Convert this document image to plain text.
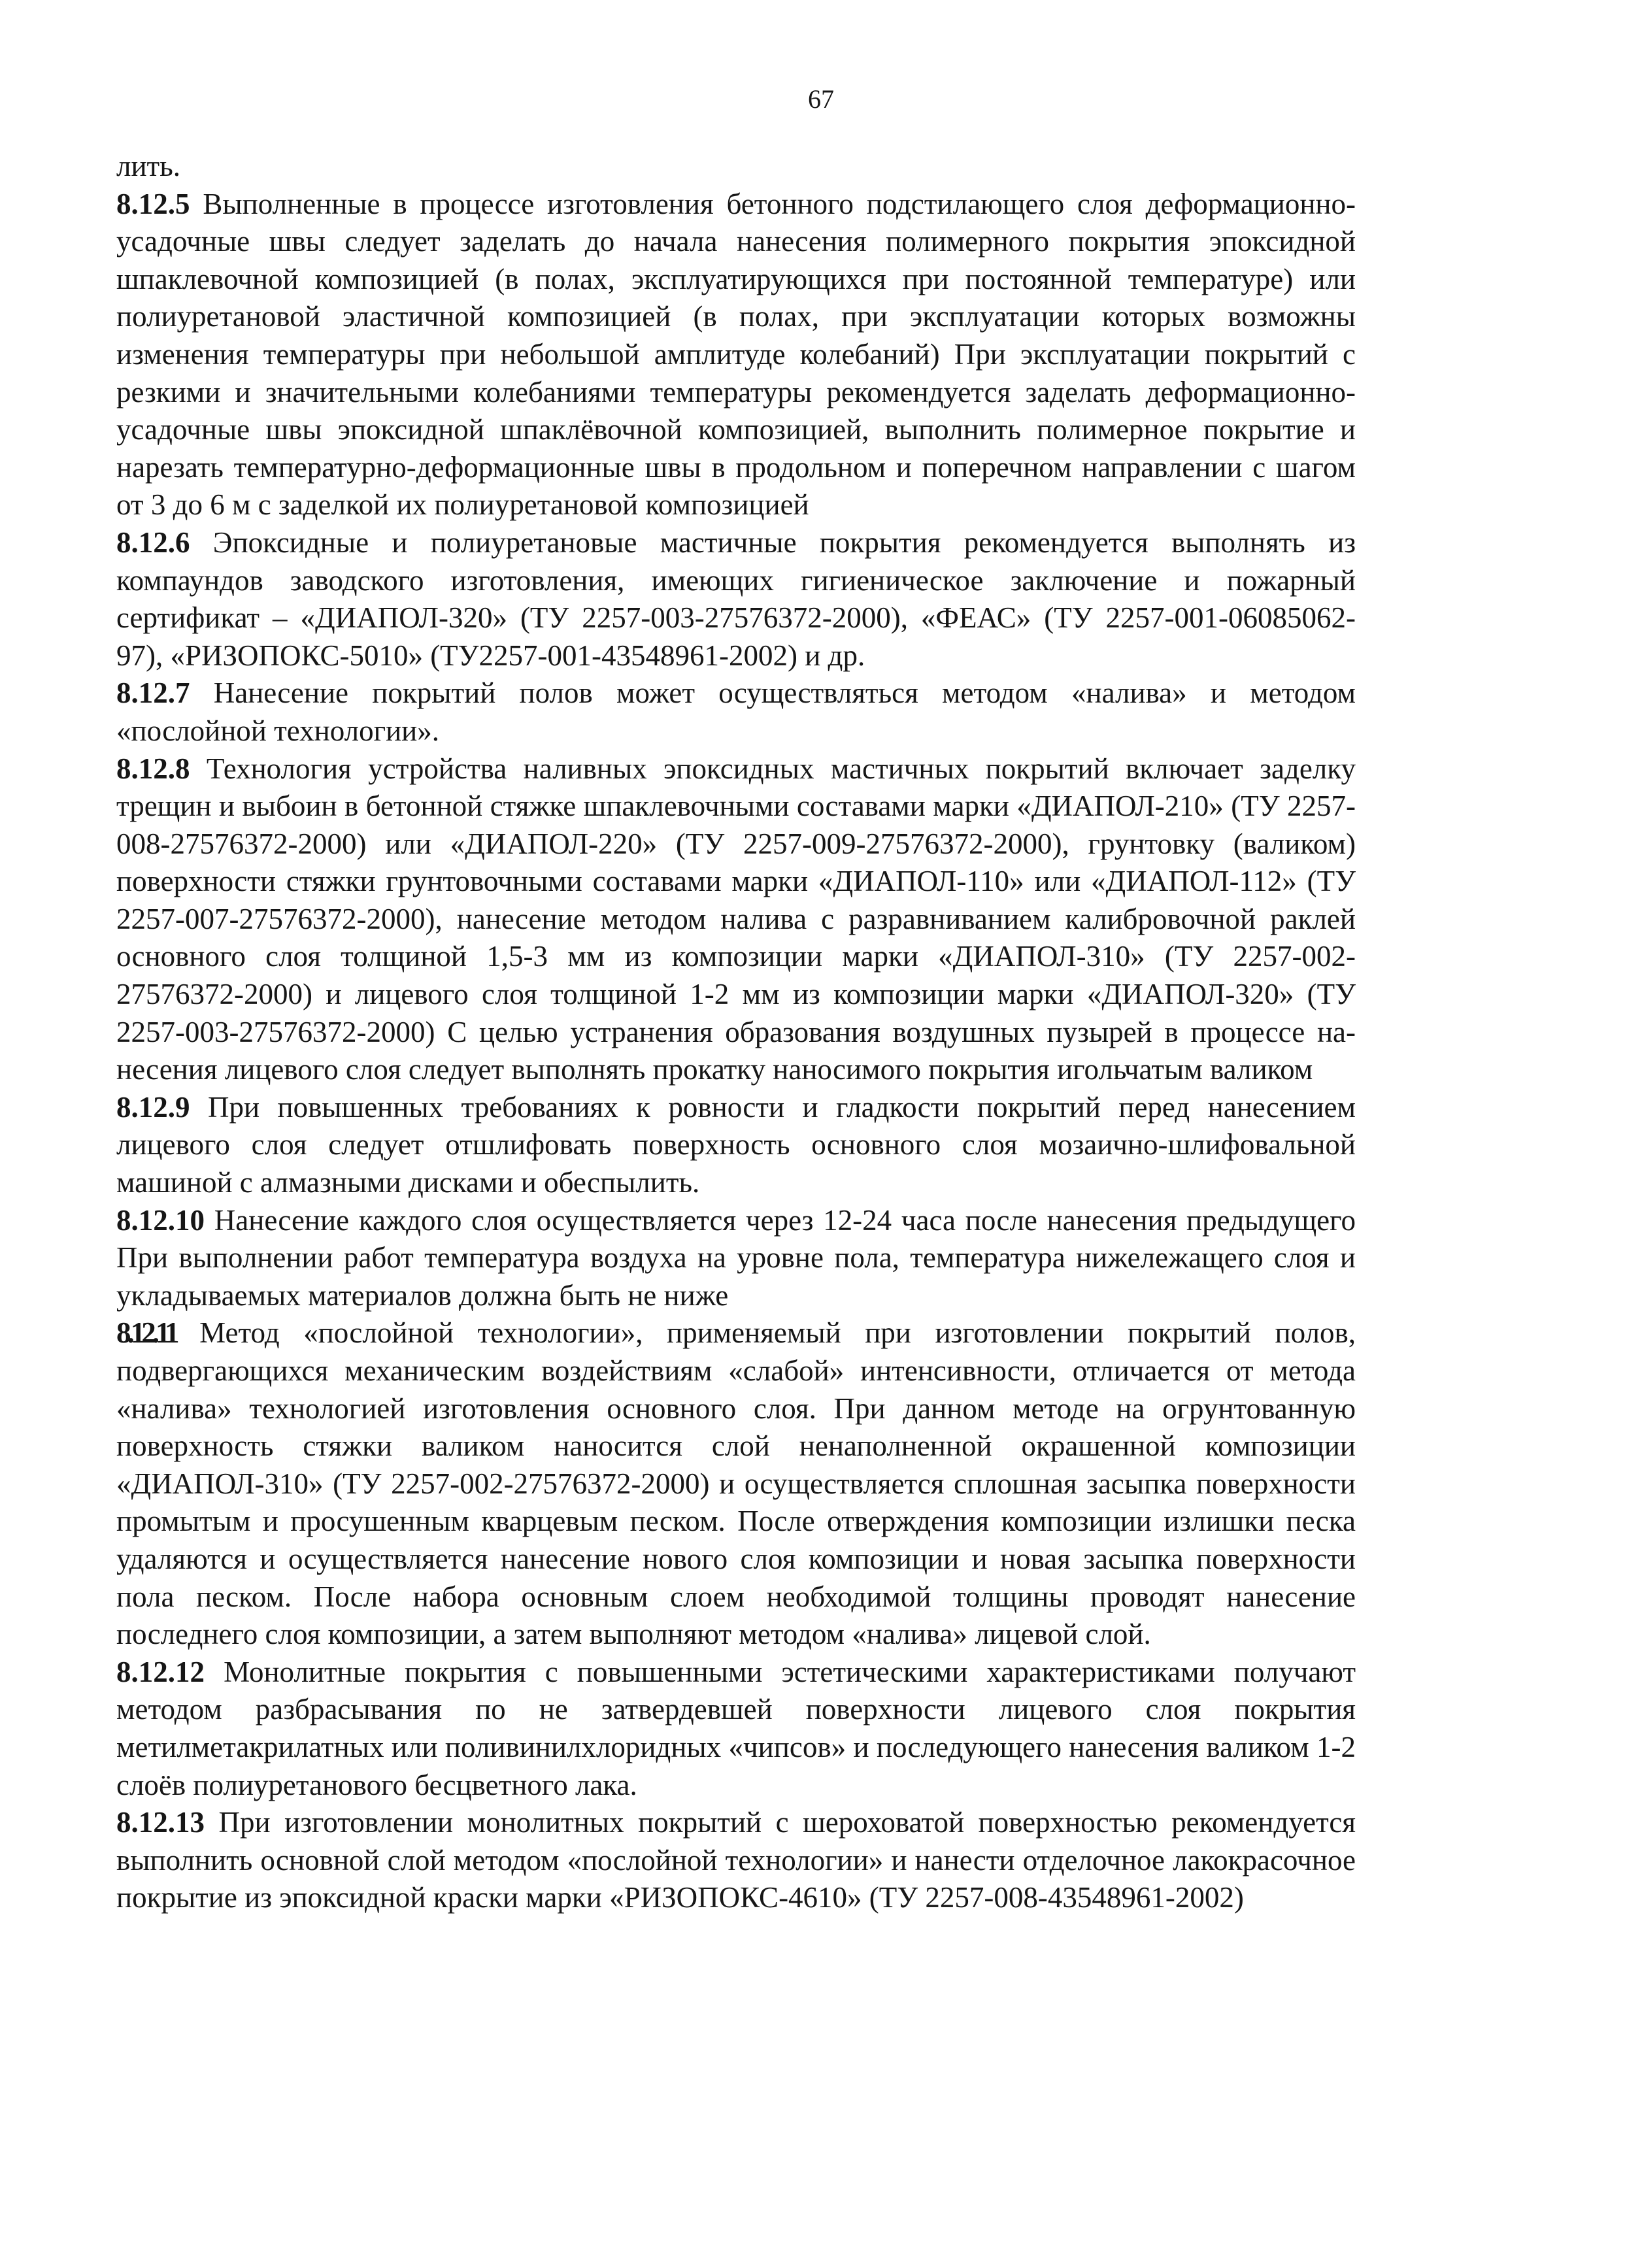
67

лить.

8.12.5 Выполненные в процессе изготовления бетонного подстилающего слоя деформационно-усадочные швы следует заделать до начала нанесения полимерного покрытия эпоксидной шпаклевочной композицией (в полах, эксплуатирующихся при постоянной температуре) или полиуретановой эластичной композицией (в полах, при эксплуатации которых возможны изменения температуры при небольшой амплитуде колебаний) При эксплуатации покрытий с резкими и значительными колебаниями температуры рекомендуется заделать деформационно-усадочные швы эпоксидной шпаклёвочной композицией, выполнить полимерное покрытие и нарезать температурно-деформационные швы в продольном и поперечном направлении с шагом от 3 до 6 м с заделкой их полиуретановой композицией

8.12.6 Эпоксидные и полиуретановые мастичные покрытия рекомендуется выполнять из компаундов заводского изготовления, имеющих гигиеническое заключение и пожарный сертификат – «ДИАПОЛ-320» (ТУ 2257-003-27576372-2000), «ФЕАС» (ТУ 2257-001-06085062-97), «РИЗОПОКС-5010» (ТУ2257-001-43548961-2002) и др.

8.12.7 Нанесение покрытий полов может осуществляться методом «налива» и методом «послойной технологии».

8.12.8 Технология устройства наливных эпоксидных мастичных покрытий включает заделку трещин и выбоин в бетонной стяжке шпаклевочными составами марки «ДИАПОЛ-210» (ТУ 2257-008-27576372-2000) или «ДИАПОЛ-220» (ТУ 2257-009-27576372-2000), грунтовку (валиком) поверхности стяжки грунтовочными составами марки «ДИАПОЛ-110» или «ДИАПОЛ-112» (ТУ 2257-007-27576372-2000), нанесение методом налива с разравниванием калибровочной раклей основного слоя толщиной 1,5-3 мм из композиции марки «ДИАПОЛ-310» (ТУ 2257-002-27576372-2000) и лицевого слоя толщиной 1-2 мм из композиции марки «ДИАПОЛ-320» (ТУ 2257-003-27576372-2000) С целью устранения образования воздушных пузырей в процессе нанесения лицевого слоя следует выполнять прокатку наносимого покрытия игольчатым валиком

8.12.9 При повышенных требованиях к ровности и гладкости покрытий перед нанесением лицевого слоя следует отшлифовать поверхность основного слоя мозаично-шлифовальной машиной с алмазными дисками и обеспылить.

8.12.10 Нанесение каждого слоя осуществляется через 12-24 часа после нанесения предыдущего При выполнении работ температура воздуха на уровне пола, температура нижележащего слоя и укладываемых материалов должна быть не ниже

8.12.11 Метод «послойной технологии», применяемый при изготовлении покрытий полов, подвергающихся механическим воздействиям «слабой» интенсивности, отличается от метода «налива» технологией изготовления основного слоя. При данном методе на огрунтованную поверхность стяжки валиком наносится слой ненаполненной окрашенной композиции «ДИАПОЛ-310» (ТУ 2257-002-27576372-2000) и осуществляется сплошная засыпка поверхности промытым и просушенным кварцевым песком. После отверждения композиции излишки песка удаляются и осуществляется нанесение нового слоя композиции и новая засыпка поверхности пола песком. После набора основным слоем необходимой толщины проводят нанесение последнего слоя композиции, а затем выполняют методом «налива» лицевой слой.

8.12.12 Монолитные покрытия с повышенными эстетическими характеристиками получают методом разбрасывания по не затвердевшей поверхности лицевого слоя покрытия метилметакрилатных или поливинилхлоридных «чипсов» и последующего нанесения валиком 1-2 слоёв полиуретанового бесцветного лака.

8.12.13 При изготовлении монолитных покрытий с шероховатой поверхностью рекомендуется выполнить основной слой методом «послойной технологии» и нанести отделочное лакокрасочное покрытие из эпоксидной краски марки «РИЗОПОКС-4610» (ТУ 2257-008-43548961-2002)
